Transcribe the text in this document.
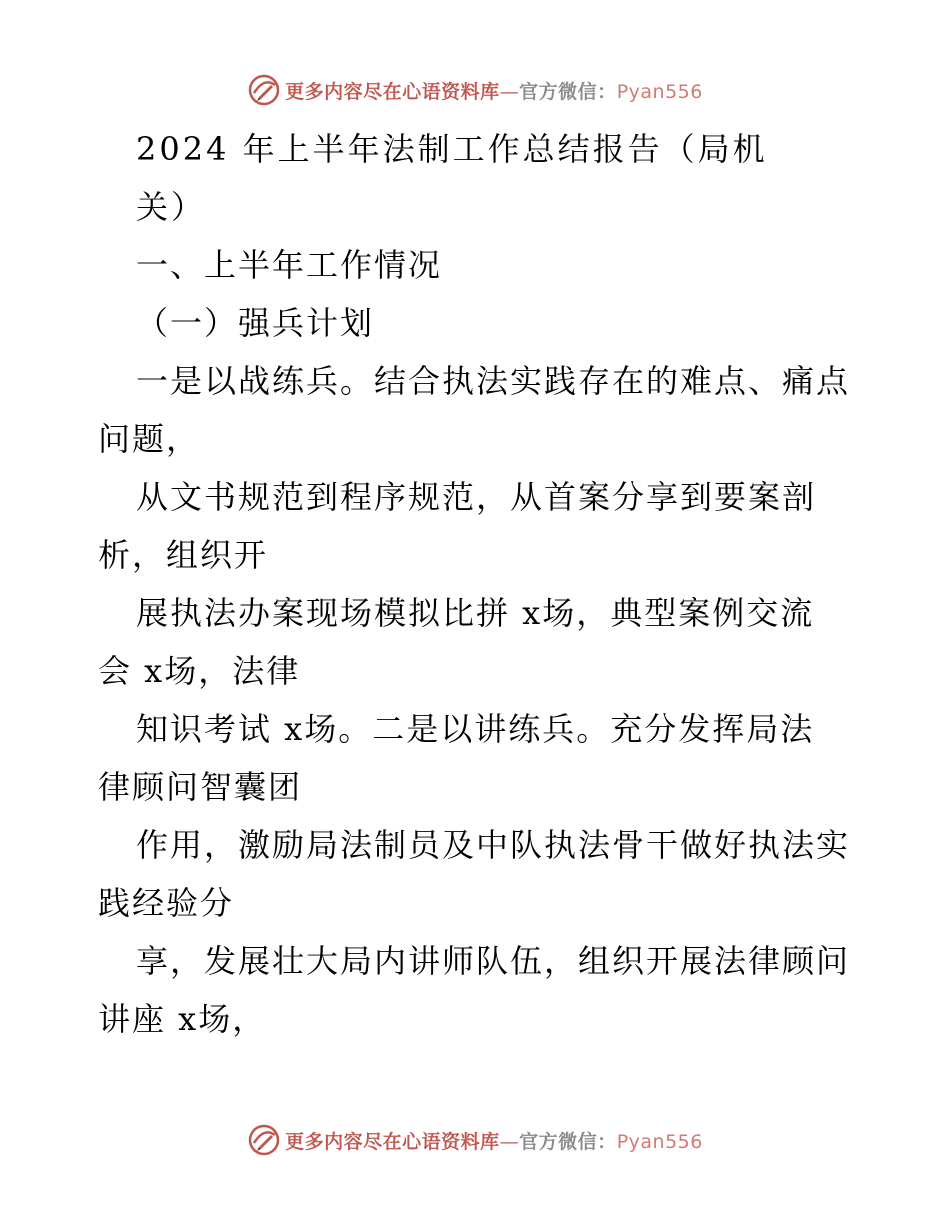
更多内容尽在心语资料库—官方微信：Pyan556
2024 年上半年法制工作总结报告（局机
关）
一、上半年工作情况
（一）强兵计划
一是以战练兵。结合执法实践存在的难点、痛点
问题，
从文书规范到程序规范，从首案分享到要案剖
析，组织开
展执法办案现场模拟比拼 x场，典型案例交流
会 x场，法律
知识考试 x场。二是以讲练兵。充分发挥局法
律顾问智囊团
作用，激励局法制员及中队执法骨干做好执法实
践经验分
享，发展壮大局内讲师队伍，组织开展法律顾问
讲座 x场，
更多内容尽在心语资料库—官方微信：Pyan556
